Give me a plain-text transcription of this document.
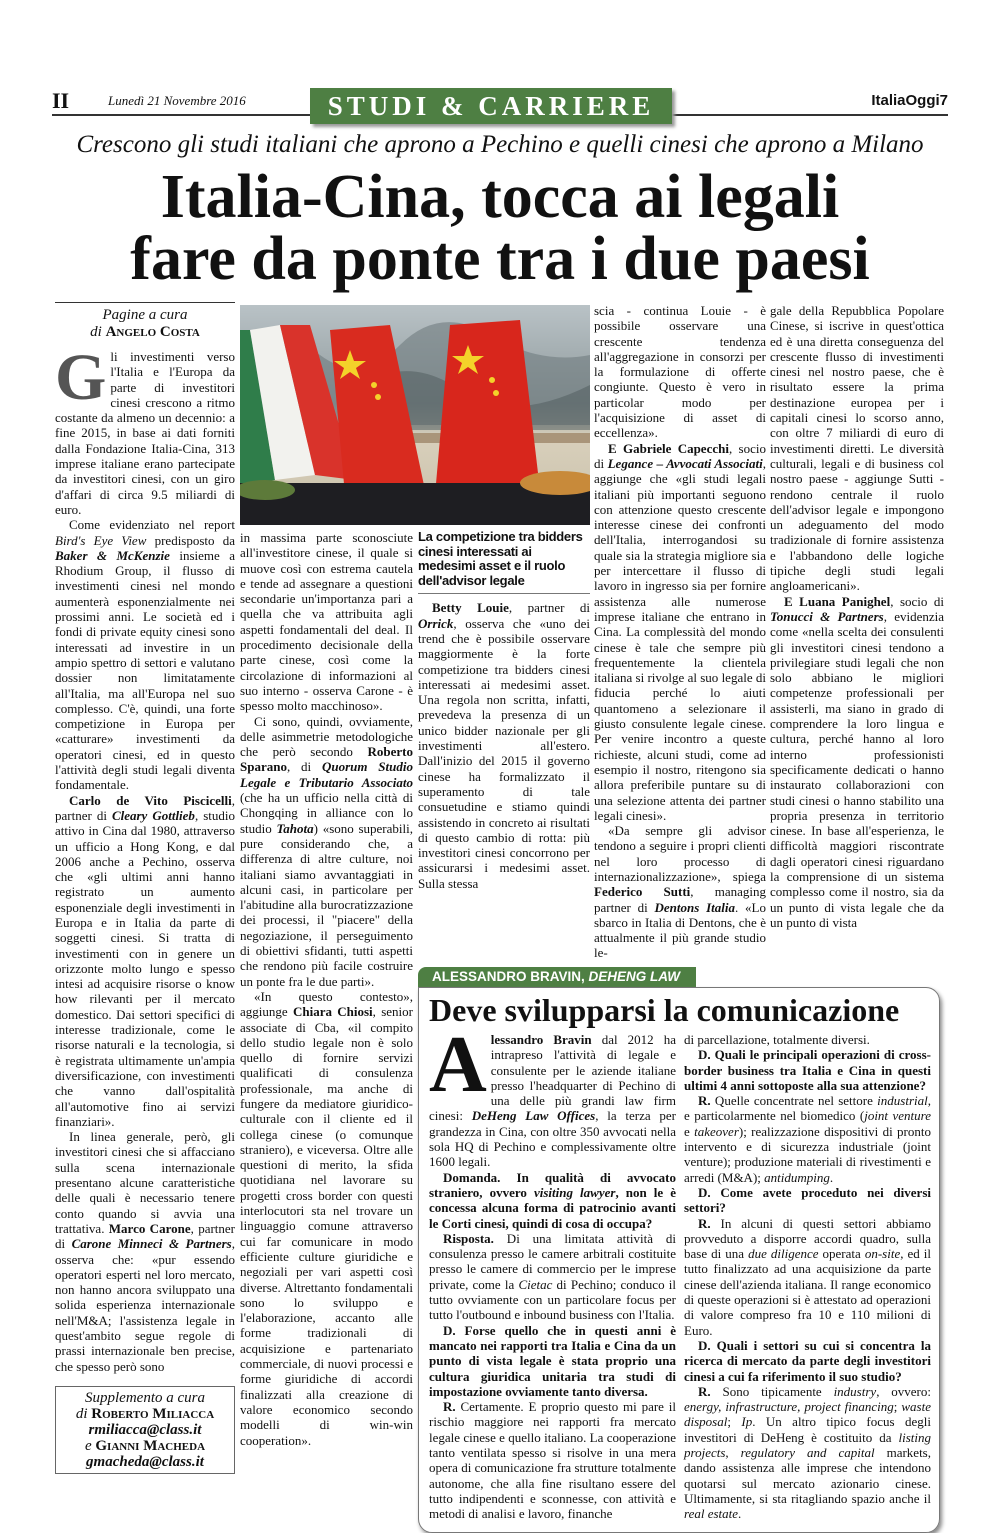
II	Lunedì 21 Novembre 2016	STUDI & CARRIERE	ItaliaOggi7
Crescono gli studi italiani che aprono a Pechino e quelli cinesi che aprono a Milano
Italia-Cina, tocca ai legali
fare da ponte tra i due paesi
Pagine a cura
di Angelo Costa

Gli investimenti verso l'Italia e l'Europa da parte di investitori cinesi crescono a ritmo costante da almeno un decennio: a fine 2015, in base ai dati forniti dalla Fondazione Italia-Cina, 313 imprese italiane erano partecipate da investitori cinesi, con un giro d'affari di circa 9.5 miliardi di euro.

Come evidenziato nel report Bird's Eye View predisposto da Baker & McKenzie insieme a Rhodium Group, il flusso di investimenti cinesi nel mondo aumenterà esponenzialmente nei prossimi anni. Le società ed i fondi di private equity cinesi sono interessati ad investire in un ampio spettro di settori e valutano dossier non limitatamente all'Italia, ma all'Europa nel suo complesso. C'è, quindi, una forte competizione in Europa per «catturare» investimenti da operatori cinesi, ed in questo l'attività degli studi legali diventa fondamentale.

Carlo de Vito Piscicelli, partner di Cleary Gottlieb, studio attivo in Cina dal 1980, attraverso un ufficio a Hong Kong, e dal 2006 anche a Pechino, osserva che «gli ultimi anni hanno registrato un aumento esponenziale degli investimenti in Europa e in Italia da parte di soggetti cinesi. Si tratta di investimenti con in genere un orizzonte molto lungo e spesso intesi ad acquisire risorse o know how rilevanti per il mercato domestico. Dai settori specifici di interesse tradizionale, come le risorse naturali e la tecnologia, si è registrata ultimamente un'ampia diversificazione, con investimenti che vanno dall'ospitalità all'automotive fino ai servizi finanziari».

In linea generale, però, gli investitori cinesi che si affacciano sulla scena internazionale presentano alcune caratteristiche delle quali è necessario tenere conto quando si avvia una trattativa. Marco Carone, partner di Carone Minneci & Partners, osserva che: «pur essendo operatori esperti nel loro mercato, non hanno ancora sviluppato una solida esperienza internazionale nell'M&A; l'assistenza legale in quest'ambito segue regole di prassi internazionale ben precise, che spesso però sono

Supplemento a cura
di Roberto Miliacca
rmiliacca@class.it
e Gianni Macheda
gmacheda@class.it

in massima parte sconosciute all'investitore cinese, il quale si muove così con estrema cautela e tende ad assegnare a questioni secondarie un'importanza pari a quella che va attribuita agli aspetti fondamentali del deal. Il procedimento decisionale della parte cinese, così come la circolazione di informazioni al suo interno - osserva Carone - è spesso molto macchinoso».

Ci sono, quindi, ovviamente, delle asimmetrie metodologiche che però secondo Roberto Sparano, di Quorum Studio Legale e Tributario Associato (che ha un ufficio nella città di Chongqing in alliance con lo studio Tahota) «sono superabili, pure considerando che, a differenza di altre culture, noi italiani siamo avvantaggiati in alcuni casi, in particolare per l'abitudine alla burocratizzazione dei processi, il "piacere" della negoziazione, il perseguimento di obiettivi sfidanti, tutti aspetti che rendono più facile costruire un ponte fra le due parti».

«In questo contesto», aggiunge Chiara Chiosi, senior associate di Cba, «il compito dello studio legale non è solo quello di fornire servizi qualificati di consulenza professionale, ma anche di fungere da mediatore giuridico-culturale con il cliente ed il collega cinese (o comunque straniero), e viceversa. Oltre alle questioni di merito, la sfida quotidiana nel lavorare su progetti cross border con questi interlocutori sta nel trovare un linguaggio comune attraverso cui far comunicare in modo efficiente culture giuridiche e negoziali per vari aspetti così diverse. Altrettanto fondamentali sono lo sviluppo e l'elaborazione, accanto alle forme tradizionali di acquisizione e partenariato commerciale, di nuovi processi e forme giuridiche di accordi finalizzati alla creazione di valore economico secondo modelli di win-win cooperation».

La competizione tra bidders cinesi interessati ai medesimi asset e il ruolo dell'advisor legale

Betty Louie, partner di Orrick, osserva che «uno dei trend che è possibile osservare maggiormente è la forte competizione tra bidders cinesi interessati ai medesimi asset. Una regola non scritta, infatti, prevedeva la presenza di un unico bidder nazionale per gli investimenti all'estero. Dall'inizio del 2015 il governo cinese ha formalizzato il superamento di tale consuetudine e stiamo quindi assistendo in concreto ai risultati di questo cambio di rotta: più investitori cinesi concorrono per assicurarsi i medesimi asset. Sulla stessa

scia - continua Louie - è possibile osservare una crescente tendenza all'aggregazione in consorzi per la formulazione di offerte congiunte. Questo è vero in particolar modo per l'acquisizione di asset di eccellenza».

E Gabriele Capecchi, socio di Legance – Avvocati Associati, aggiunge che «gli studi legali italiani più importanti seguono con attenzione questo crescente interesse cinese dei confronti dell'Italia, interrogandosi su quale sia la strategia migliore sia per intercettare il flusso di lavoro in ingresso sia per fornire assistenza alle numerose imprese italiane che entrano in Cina. La complessità del mondo cinese è tale che sempre più frequentemente la clientela italiana si rivolge al suo legale di fiducia perché lo aiuti quantomeno a selezionare il giusto consulente legale cinese. Per venire incontro a queste richieste, alcuni studi, come ad esempio il nostro, ritengono sia allora preferibile puntare su di una selezione attenta dei partner legali cinesi».

«Da sempre gli advisor tendono a seguire i propri clienti nel loro processo di internazionalizzazione», spiega Federico Sutti, managing partner di Dentons Italia. «Lo sbarco in Italia di Dentons, che è attualmente il più grande studio le-

gale della Repubblica Popolare Cinese, si iscrive in quest'ottica ed è una diretta conseguenza del crescente flusso di investimenti cinesi nel nostro paese, che è risultato essere la prima destinazione europea per i capitali cinesi lo scorso anno, con oltre 7 miliardi di euro di investimenti diretti. Le diversità culturali, legali e di business col nostro paese - aggiunge Sutti - rendono centrale il ruolo dell'advisor legale e impongono un adeguamento del modo tradizionale di fornire assistenza e l'abbandono delle logiche tipiche degli studi legali angloamericani».

E Luana Panighel, socio di Tonucci & Partners, evidenzia come «nella scelta dei consulenti gli investitori cinesi tendono a privilegiare studi legali che non solo abbiano le migliori competenze professionali per assisterli, ma siano in grado di comprendere la loro lingua e cultura, perché hanno al loro interno professionisti specificamente dedicati o hanno instaurato collaborazioni con studi cinesi o hanno stabilito una propria presenza in territorio cinese. In base all'esperienza, le difficoltà maggiori riscontrate dagli operatori cinesi riguardano la comprensione di un sistema complesso come il nostro, sia da un punto di vista legale che da un punto di vista

ALESSANDRO BRAVIN, DEHENG LAW
Deve svilupparsi la comunicazione

Alessandro Bravin dal 2012 ha intrapreso l'attività di legale e consulente per le aziende italiane presso l'headquarter di Pechino di una delle più grandi law firm cinesi: DeHeng Law Offices, la terza per grandezza in Cina, con oltre 350 avvocati nella sola HQ di Pechino e complessivamente oltre 1600 legali.

Domanda. In qualità di avvocato straniero, ovvero visiting lawyer, non le è concessa alcuna forma di patrocinio avanti le Corti cinesi, quindi di cosa di occupa?

Risposta. Di una limitata attività di consulenza presso le camere arbitrali costituite presso le camere di commercio per le imprese private, come la Cietac di Pechino; conduco il tutto ovviamente con un particolare focus per tutto l'outbound e inbound business con l'Italia.

D. Forse quello che in questi anni è mancato nei rapporti tra Italia e Cina da un punto di vista legale è stata proprio una cultura giuridica unitaria tra studi di impostazione ovviamente tanto diversa.

R. Certamente. E proprio questo mi pare il rischio maggiore nei rapporti fra mercato legale cinese e quello italiano. La cooperazione tanto ventilata spesso si risolve in una mera opera di comunicazione fra strutture totalmente autonome, che alla fine risultano essere del tutto indipendenti e sconnesse, con attività e metodi di analisi e lavoro, finanche

di parcellazione, totalmente diversi.

D. Quali le principali operazioni di cross-border business tra Italia e Cina in questi ultimi 4 anni sottoposte alla sua attenzione?

R. Quelle concentrate nel settore industrial, e particolarmente nel biomedico (joint venture e takeover); realizzazione dispositivi di pronto intervento e di sicurezza industriale (joint venture); produzione materiali di rivestimenti e arredi (M&A); antidumping.

D. Come avete proceduto nei diversi settori?

R. In alcuni di questi settori abbiamo provveduto a disporre accordi quadro, sulla base di una due diligence operata on-site, ed il tutto finalizzato ad una acquisizione da parte cinese dell'azienda italiana. Il range economico di queste operazioni si è attestato ad operazioni di valore compreso fra 10 e 110 milioni di Euro.

D. Quali i settori su cui si concentra la ricerca di mercato da parte degli investitori cinesi a cui fa riferimento il suo studio?

R. Sono tipicamente industry, ovvero: energy, infrastructure, project financing; waste disposal; Ip. Un altro tipico focus degli investitori di DeHeng è costituito da listing projects, regulatory and capital markets, dando assistenza alle imprese che intendono quotarsi sul mercato azionario cinese. Ultimamente, si sta ritagliando spazio anche il real estate.
